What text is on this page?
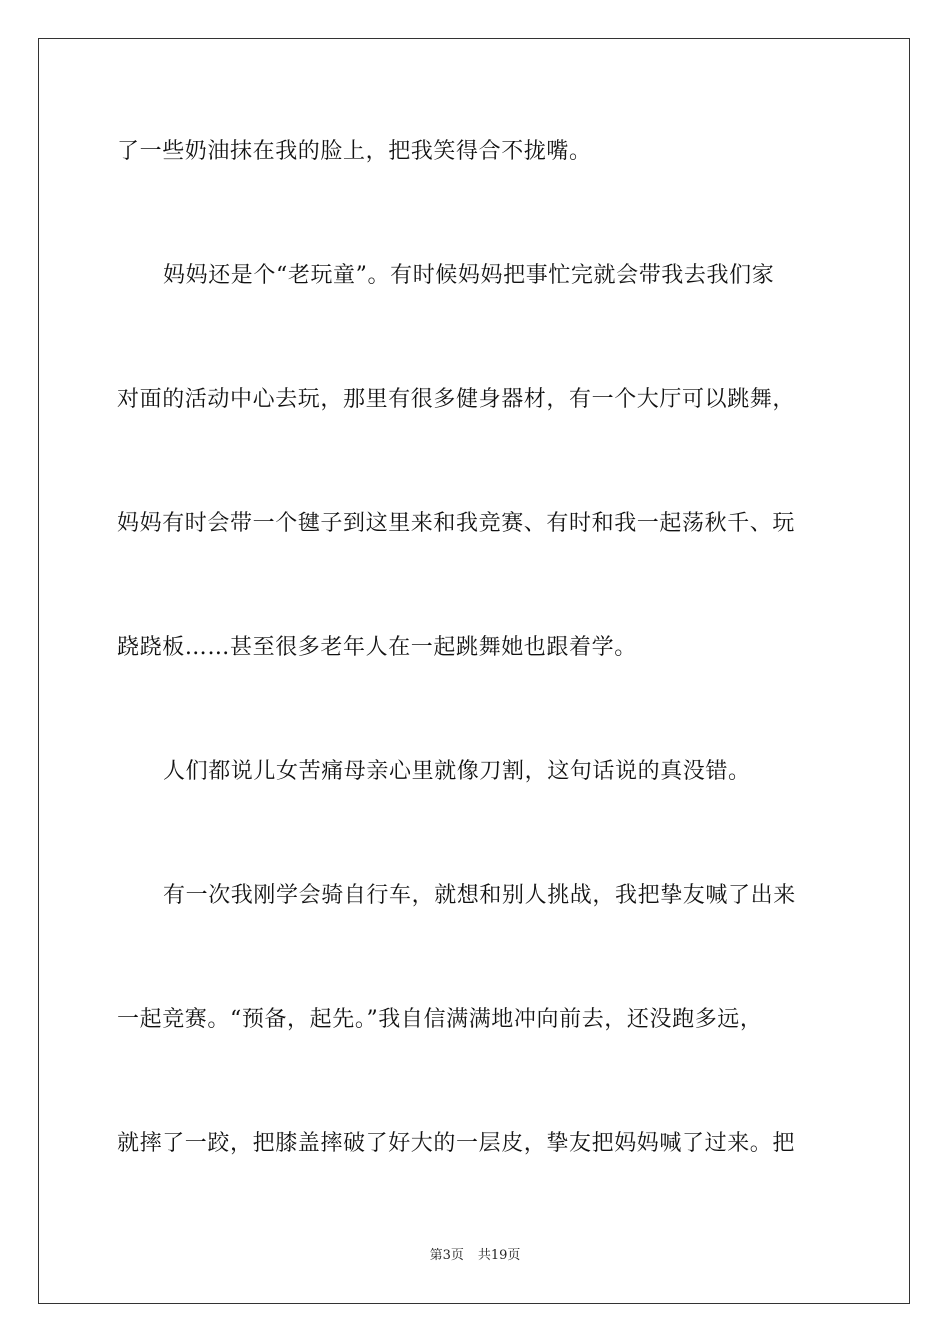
了一些奶油抹在我的脸上，把我笑得合不拢嘴。
妈妈还是个“老玩童”。有时候妈妈把事忙完就会带我去我们家
对面的活动中心去玩，那里有很多健身器材，有一个大厅可以跳舞，
妈妈有时会带一个毽子到这里来和我竞赛、有时和我一起荡秋千、玩
跷跷板……甚至很多老年人在一起跳舞她也跟着学。
人们都说儿女苦痛母亲心里就像刀割，这句话说的真没错。
有一次我刚学会骑自行车，就想和别人挑战，我把挚友喊了出来
一起竞赛。“预备，起先。”我自信满满地冲向前去，还没跑多远，
就摔了一跤，把膝盖摔破了好大的一层皮，挚友把妈妈喊了过来。把
第3页 共19页
